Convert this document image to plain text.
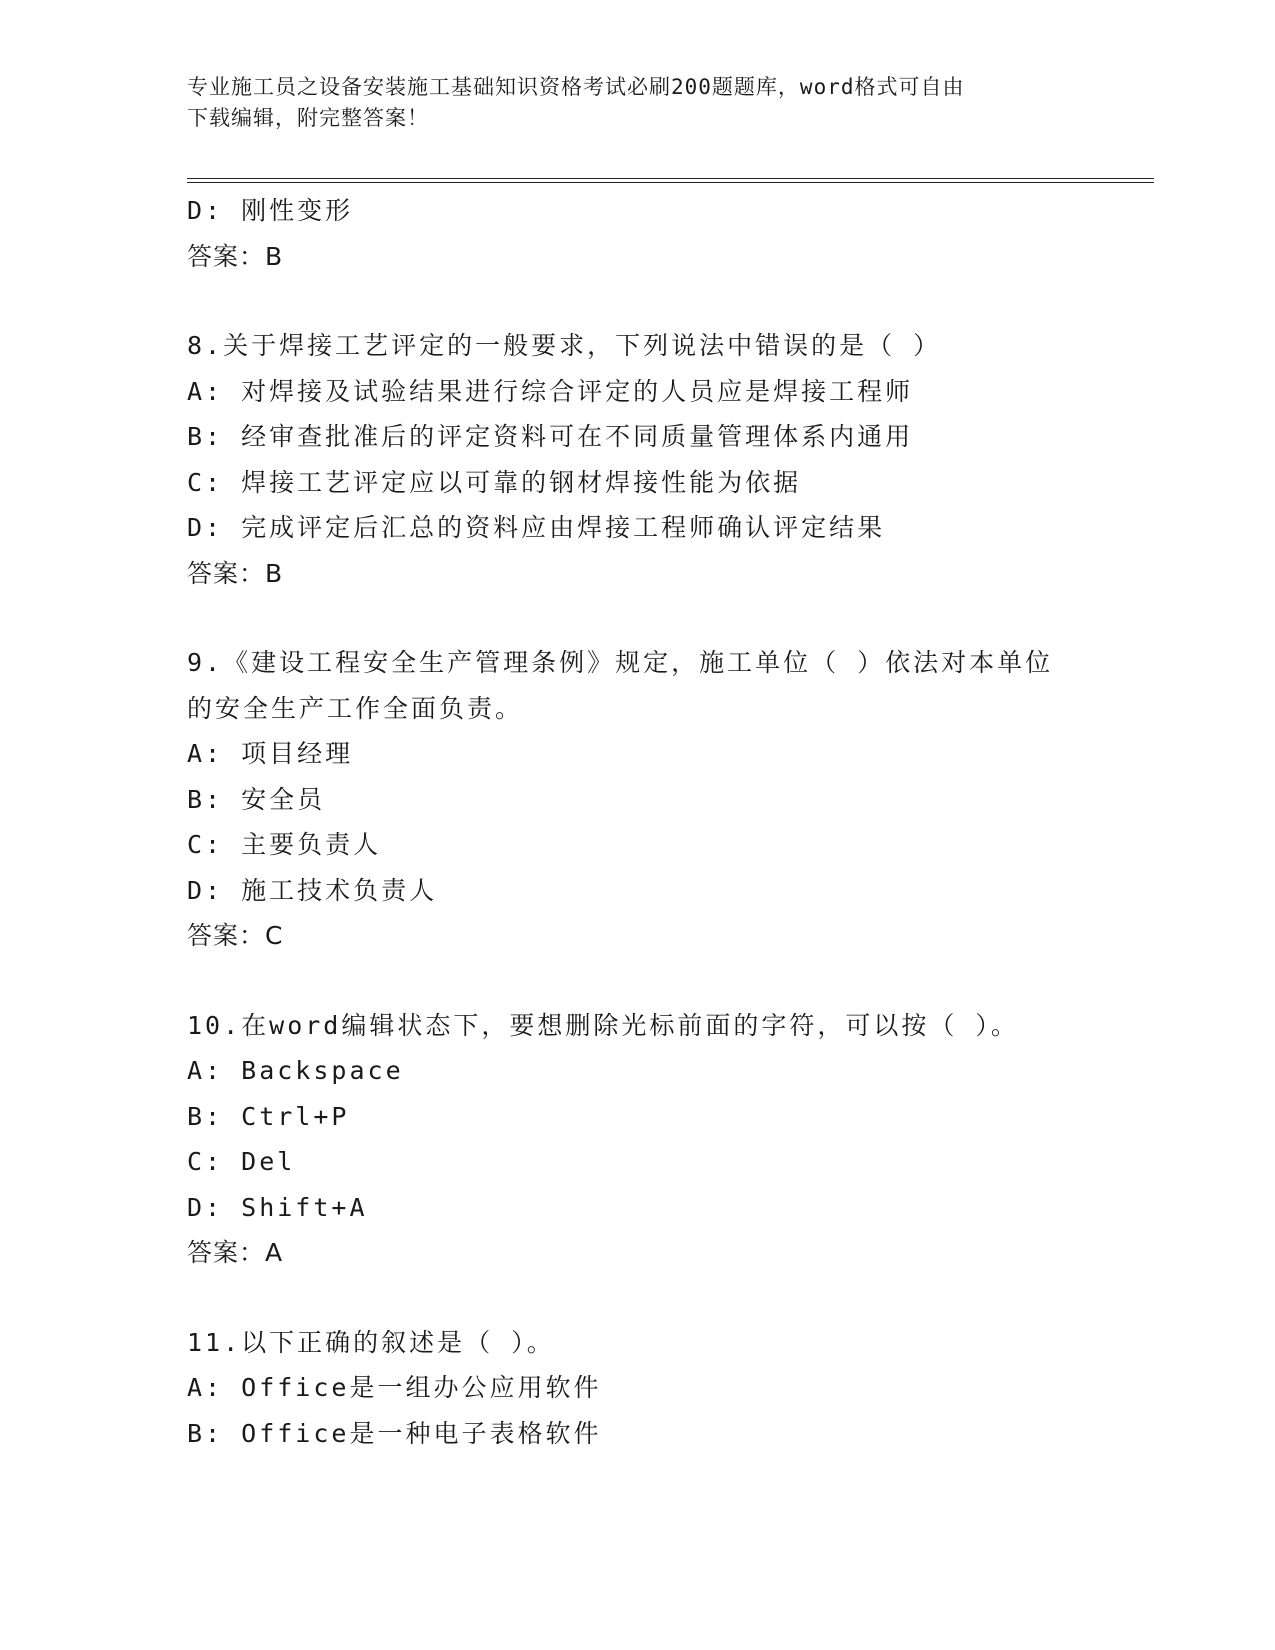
专业施工员之设备安装施工基础知识资格考试必刷200题题库，word格式可自由
下载编辑，附完整答案！
D: 刚性变形
答案：B
8.关于焊接工艺评定的一般要求，下列说法中错误的是（ ）
A: 对焊接及试验结果进行综合评定的人员应是焊接工程师
B: 经审查批准后的评定资料可在不同质量管理体系内通用
C: 焊接工艺评定应以可靠的钢材焊接性能为依据
D: 完成评定后汇总的资料应由焊接工程师确认评定结果
答案：B
9.《建设工程安全生产管理条例》规定，施工单位（ ）依法对本单位
的安全生产工作全面负责。
A: 项目经理
B: 安全员
C: 主要负责人
D: 施工技术负责人
答案：C
10.在word编辑状态下，要想删除光标前面的字符，可以按（ ）。
A: Backspace
B: Ctrl+P
C: Del
D: Shift+A
答案：A
11.以下正确的叙述是（ ）。
A: Office是一组办公应用软件
B: Office是一种电子表格软件
